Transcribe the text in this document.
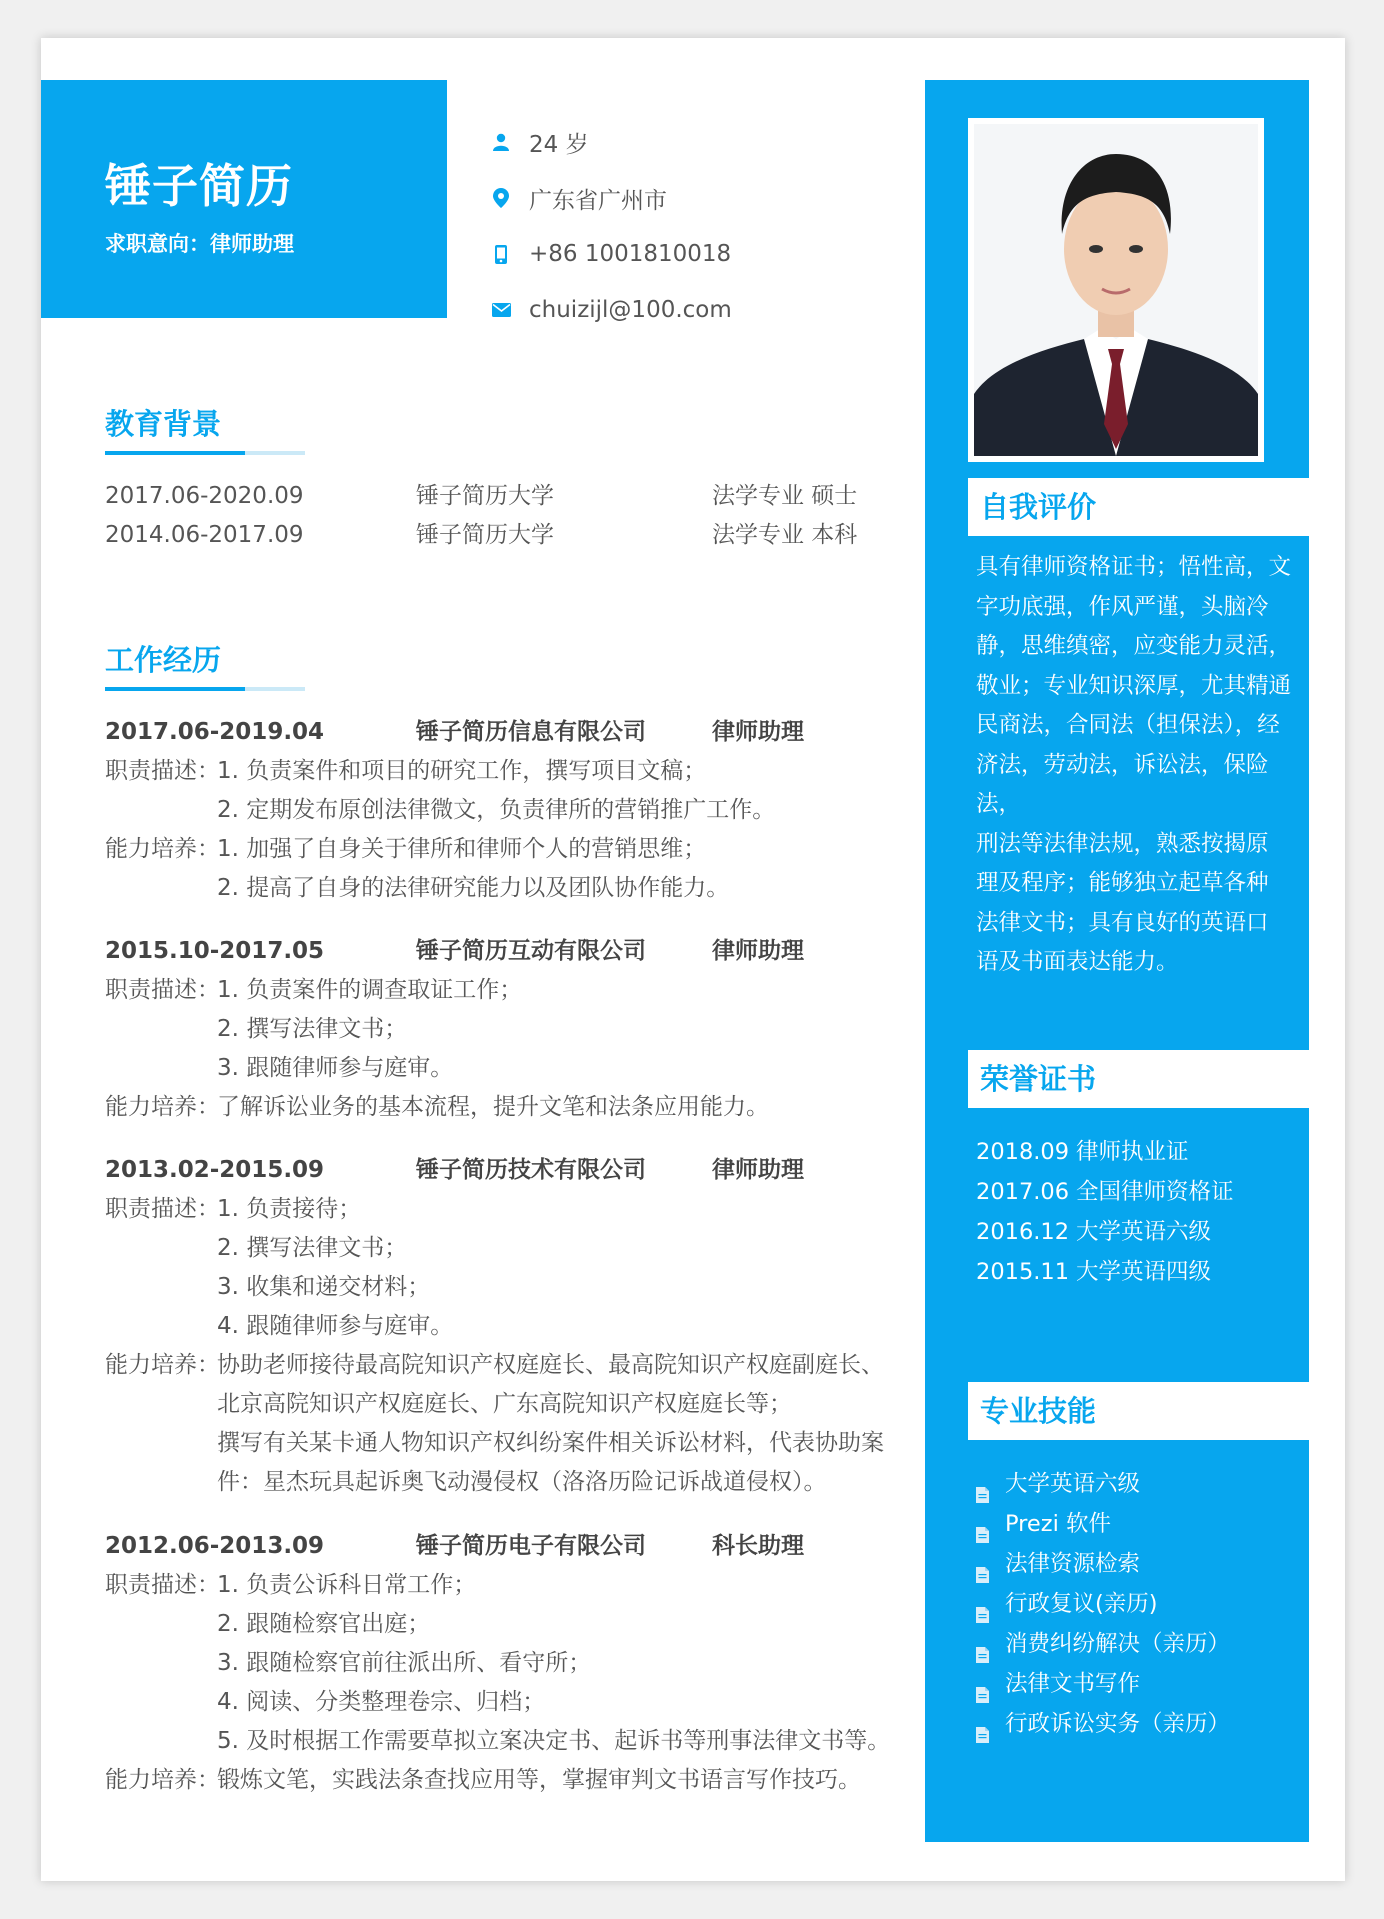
锤子简历
求职意向：律师助理
24 岁
广东省广州市
+86 1001810018
chuizijl@100.com
教育背景
2017.06-2020.09	锤子简历大学	法学专业 硕士
2014.06-2017.09	锤子简历大学	法学专业 本科
工作经历
2017.06-2019.04	锤子简历信息有限公司	律师助理
职责描述：
1. 负责案件和项目的研究工作，撰写项目文稿；
2. 定期发布原创法律微文，负责律所的营销推广工作。
能力培养：
1. 加强了自身关于律所和律师个人的营销思维；
2. 提高了自身的法律研究能力以及团队协作能力。
2015.10-2017.05	锤子简历互动有限公司	律师助理
职责描述：
1. 负责案件的调查取证工作；
2. 撰写法律文书；
3. 跟随律师参与庭审。
能力培养：
了解诉讼业务的基本流程，提升文笔和法条应用能力。
2013.02-2015.09	锤子简历技术有限公司	律师助理
职责描述：
1. 负责接待；
2. 撰写法律文书；
3. 收集和递交材料；
4. 跟随律师参与庭审。
能力培养：
协助老师接待最高院知识产权庭庭长、最高院知识产权庭副庭长、
北京高院知识产权庭庭长、广东高院知识产权庭庭长等；
撰写有关某卡通人物知识产权纠纷案件相关诉讼材料，代表协助案
件：星杰玩具起诉奥飞动漫侵权（洛洛历险记诉战道侵权）。
2012.06-2013.09	锤子简历电子有限公司	科长助理
职责描述：
1. 负责公诉科日常工作；
2. 跟随检察官出庭；
3. 跟随检察官前往派出所、看守所；
4. 阅读、分类整理卷宗、归档；
5. 及时根据工作需要草拟立案决定书、起诉书等刑事法律文书等。
能力培养：
锻炼文笔，实践法条查找应用等，掌握审判文书语言写作技巧。
自我评价
具有律师资格证书；悟性高，文
字功底强，作风严谨，头脑冷
静，思维缜密，应变能力灵活，
敬业；专业知识深厚，尤其精通
民商法，合同法（担保法），经
济法，劳动法，诉讼法，保险法，
刑法等法律法规，熟悉按揭原
理及程序；能够独立起草各种
法律文书；具有良好的英语口
语及书面表达能力。
荣誉证书
2018.09 律师执业证
2017.06 全国律师资格证
2016.12 大学英语六级
2015.11 大学英语四级
专业技能
大学英语六级
Prezi 软件
法律资源检索
行政复议(亲历)
消费纠纷解决（亲历）
法律文书写作
行政诉讼实务（亲历）
